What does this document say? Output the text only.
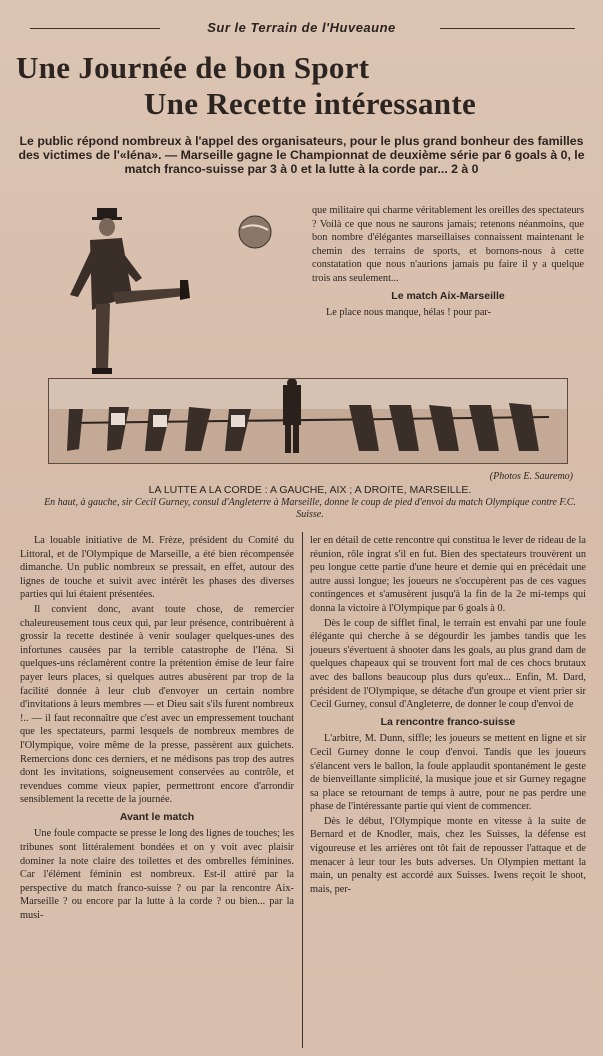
Sur le Terrain de l'Huveaune
Une Journée de bon Sport
Une Recette intéressante
Le public répond nombreux à l'appel des organisateurs, pour le plus grand bonheur des familles des victimes de l'«Iéna». — Marseille gagne le Championnat de deuxième série par 6 goals à 0, le match franco-suisse par 3 à 0 et la lutte à la corde par... 2 à 0

que militaire qui charme véritablement les oreilles des spectateurs ? Voilà ce que nous ne saurons jamais; retenons néanmoins, que bon nombre d'élégantes marseillaises connaissent maintenant le chemin des terrains de sports, et bornons-nous à cette constatation que nous n'aurions jamais pu faire il y a quelque trois ans seulement...

Le match Aix-Marseille

Le place nous manque, hélas ! pour par-

(Photos E. Sauremo)
LA LUTTE A LA CORDE : A GAUCHE, AIX ; A DROITE, MARSEILLE.
En haut, à gauche, sir Cecil Gurney, consul d'Angleterre à Marseille, donne le coup de pied d'envoi du match Olympique contre F.C. Suisse.

La louable initiative de M. Frèze, président du Comité du Littoral, et de l'Olympique de Marseille, a été bien récompensée dimanche. Un public nombreux se pressait, en effet, autour des lignes de touche et suivit avec intérêt les phases des diverses parties qui lui étaient présentées.

Il convient donc, avant toute chose, de remercier chaleureusement tous ceux qui, par leur présence, contribuèrent à grossir la recette destinée à venir soulager quelques-unes des infortunes causées par la terrible catastrophe de l'Iéna. Si quelques-uns réclamèrent contre la prétention émise de leur faire payer leurs places, si quelques autres abusèrent par trop de la facilité donnée à leur club d'envoyer un certain nombre d'invitations à leurs membres — et Dieu sait s'ils furent nombreux !.. — il faut reconnaître que c'est avec un empressement touchant que les spectateurs, parmi lesquels de nombreux membres de l'Olympique, voire même de la presse, passèrent aux guichets. Remercions donc ces derniers, et ne médisons pas trop des autres dont les invitations, soigneusement conservées au contrôle, et revendues comme vieux papier, permettront encore d'arrondir sensiblement la recette de la journée.

Avant le match

Une foule compacte se presse le long des lignes de touches; les tribunes sont littéralement bondées et on y voit avec plaisir dominer la note claire des toilettes et des ombrelles féminines. Car l'élément féminin est nombreux. Est-il attiré par la perspective du match franco-suisse ? ou par la rencontre Aix-Marseille ? ou encore par la lutte à la corde ? ou bien... par la musi-

ler en détail de cette rencontre qui constitua le lever de rideau de la réunion, rôle ingrat s'il en fut. Bien des spectateurs trouvèrent un peu longue cette partie d'une heure et demie qui en précédait une autre aussi longue; les joueurs ne s'occupèrent pas de ces vagues contingences et s'amusèrent jusqu'à la fin de la 2e mi-temps qui donna la victoire à l'Olympique par 6 goals à 0.

Dès le coup de sifflet final, le terrain est envahi par une foule élégante qui cherche à se dégourdir les jambes tandis que les joueurs s'évertuent à shooter dans les goals, au plus grand dam de quelques chapeaux qui se trouvent fort mal de ces chocs brutaux avec des ballons beaucoup plus durs qu'eux... Enfin, M. Dard, président de l'Olympique, se détache d'un groupe et vient prier sir Cecil Gurney, consul d'Angleterre, de donner le coup d'envoi de

La rencontre franco-suisse

L'arbitre, M. Dunn, siffle; les joueurs se mettent en ligne et sir Cecil Gurney donne le coup d'envoi. Tandis que les joueurs s'élancent vers le ballon, la foule applaudit spontanément le geste de bienveillante simplicité, la musique joue et sir Gurney regagne sa place se retournant de temps à autre, pour ne pas perdre une phase de l'intéressante partie qui vient de commencer.

Dès le début, l'Olympique monte en vitesse à la suite de Bernard et de Knodler, mais, chez les Suisses, la défense est vigoureuse et les arrières ont tôt fait de repousser l'attaque et de menacer à leur tour les buts adverses. Un Olympien mettant la main, un penalty est accordé aux Suisses. Iwens reçoit le shoot, mais, per-
